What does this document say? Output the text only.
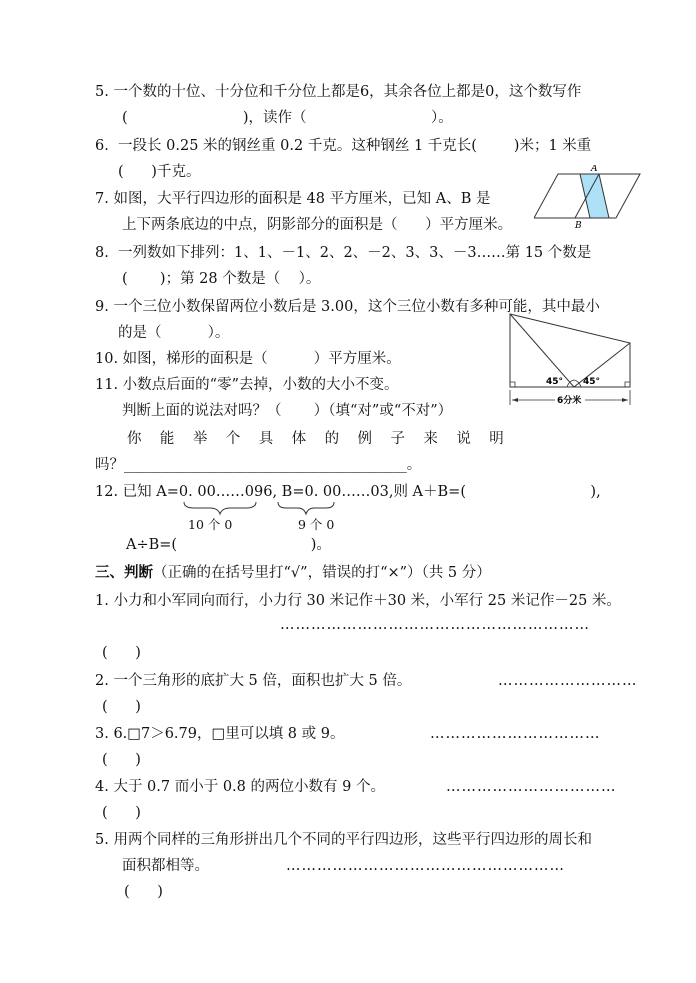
5. 一个数的十位、十分位和千分位上都是6，其余各位上都是0，这个数写作
(                         )，读作（                           ）。
6.  一段长 0.25 米的钢丝重 0.2 千克。这种钢丝 1 千克长(        )米；1 米重
(      )千克。
7. 如图，大平行四边形的面积是 48 平方厘米，已知 A、B 是
上下两条底边的中点，阴影部分的面积是（      ）平方厘米。
A
B
8.  一列数如下排列：1、1、－1、2、2、－2、3、3、－3……第 15 个数是
(       )；第 28 个数是（    ）。
9. 一个三位小数保留两位小数后是 3.00，这个三位小数有多种可能，其中最小
的是（          ）。
45° 45°
6分米
10. 如图，梯形的面积是（          ）平方厘米。
11. 小数点后面的“零”去掉，小数的大小不变。
判断上面的说法对吗？（       ）（填“对”或“不对”）
你    能    举    个    具    体    的    例    子    来    说    明
吗？_______________________________________。
12. 已知 A=0. 00……096, B=0. 00……03,则 A＋B=(                           ),
10 个 0	9 个 0
A÷B=(                             )。
三、判断（正确的在括号里打“√”，错误的打“×”）（共 5 分）
1. 小力和小军同向而行，小力行 30 米记作＋30 米，小军行 25 米记作－25 米。
……………………………………………………
(      )
2. 一个三角形的底扩大 5 倍，面积也扩大 5 倍。	………………………
(      )
3. 6.□7＞6.79，□里可以填 8 或 9。	……………………………
(      )
4. 大于 0.7 而小于 0.8 的两位小数有 9 个。	……………………………
(      )
5. 用两个同样的三角形拼出几个不同的平行四边形，这些平行四边形的周长和
面积都相等。	………………………………………………
(      )
